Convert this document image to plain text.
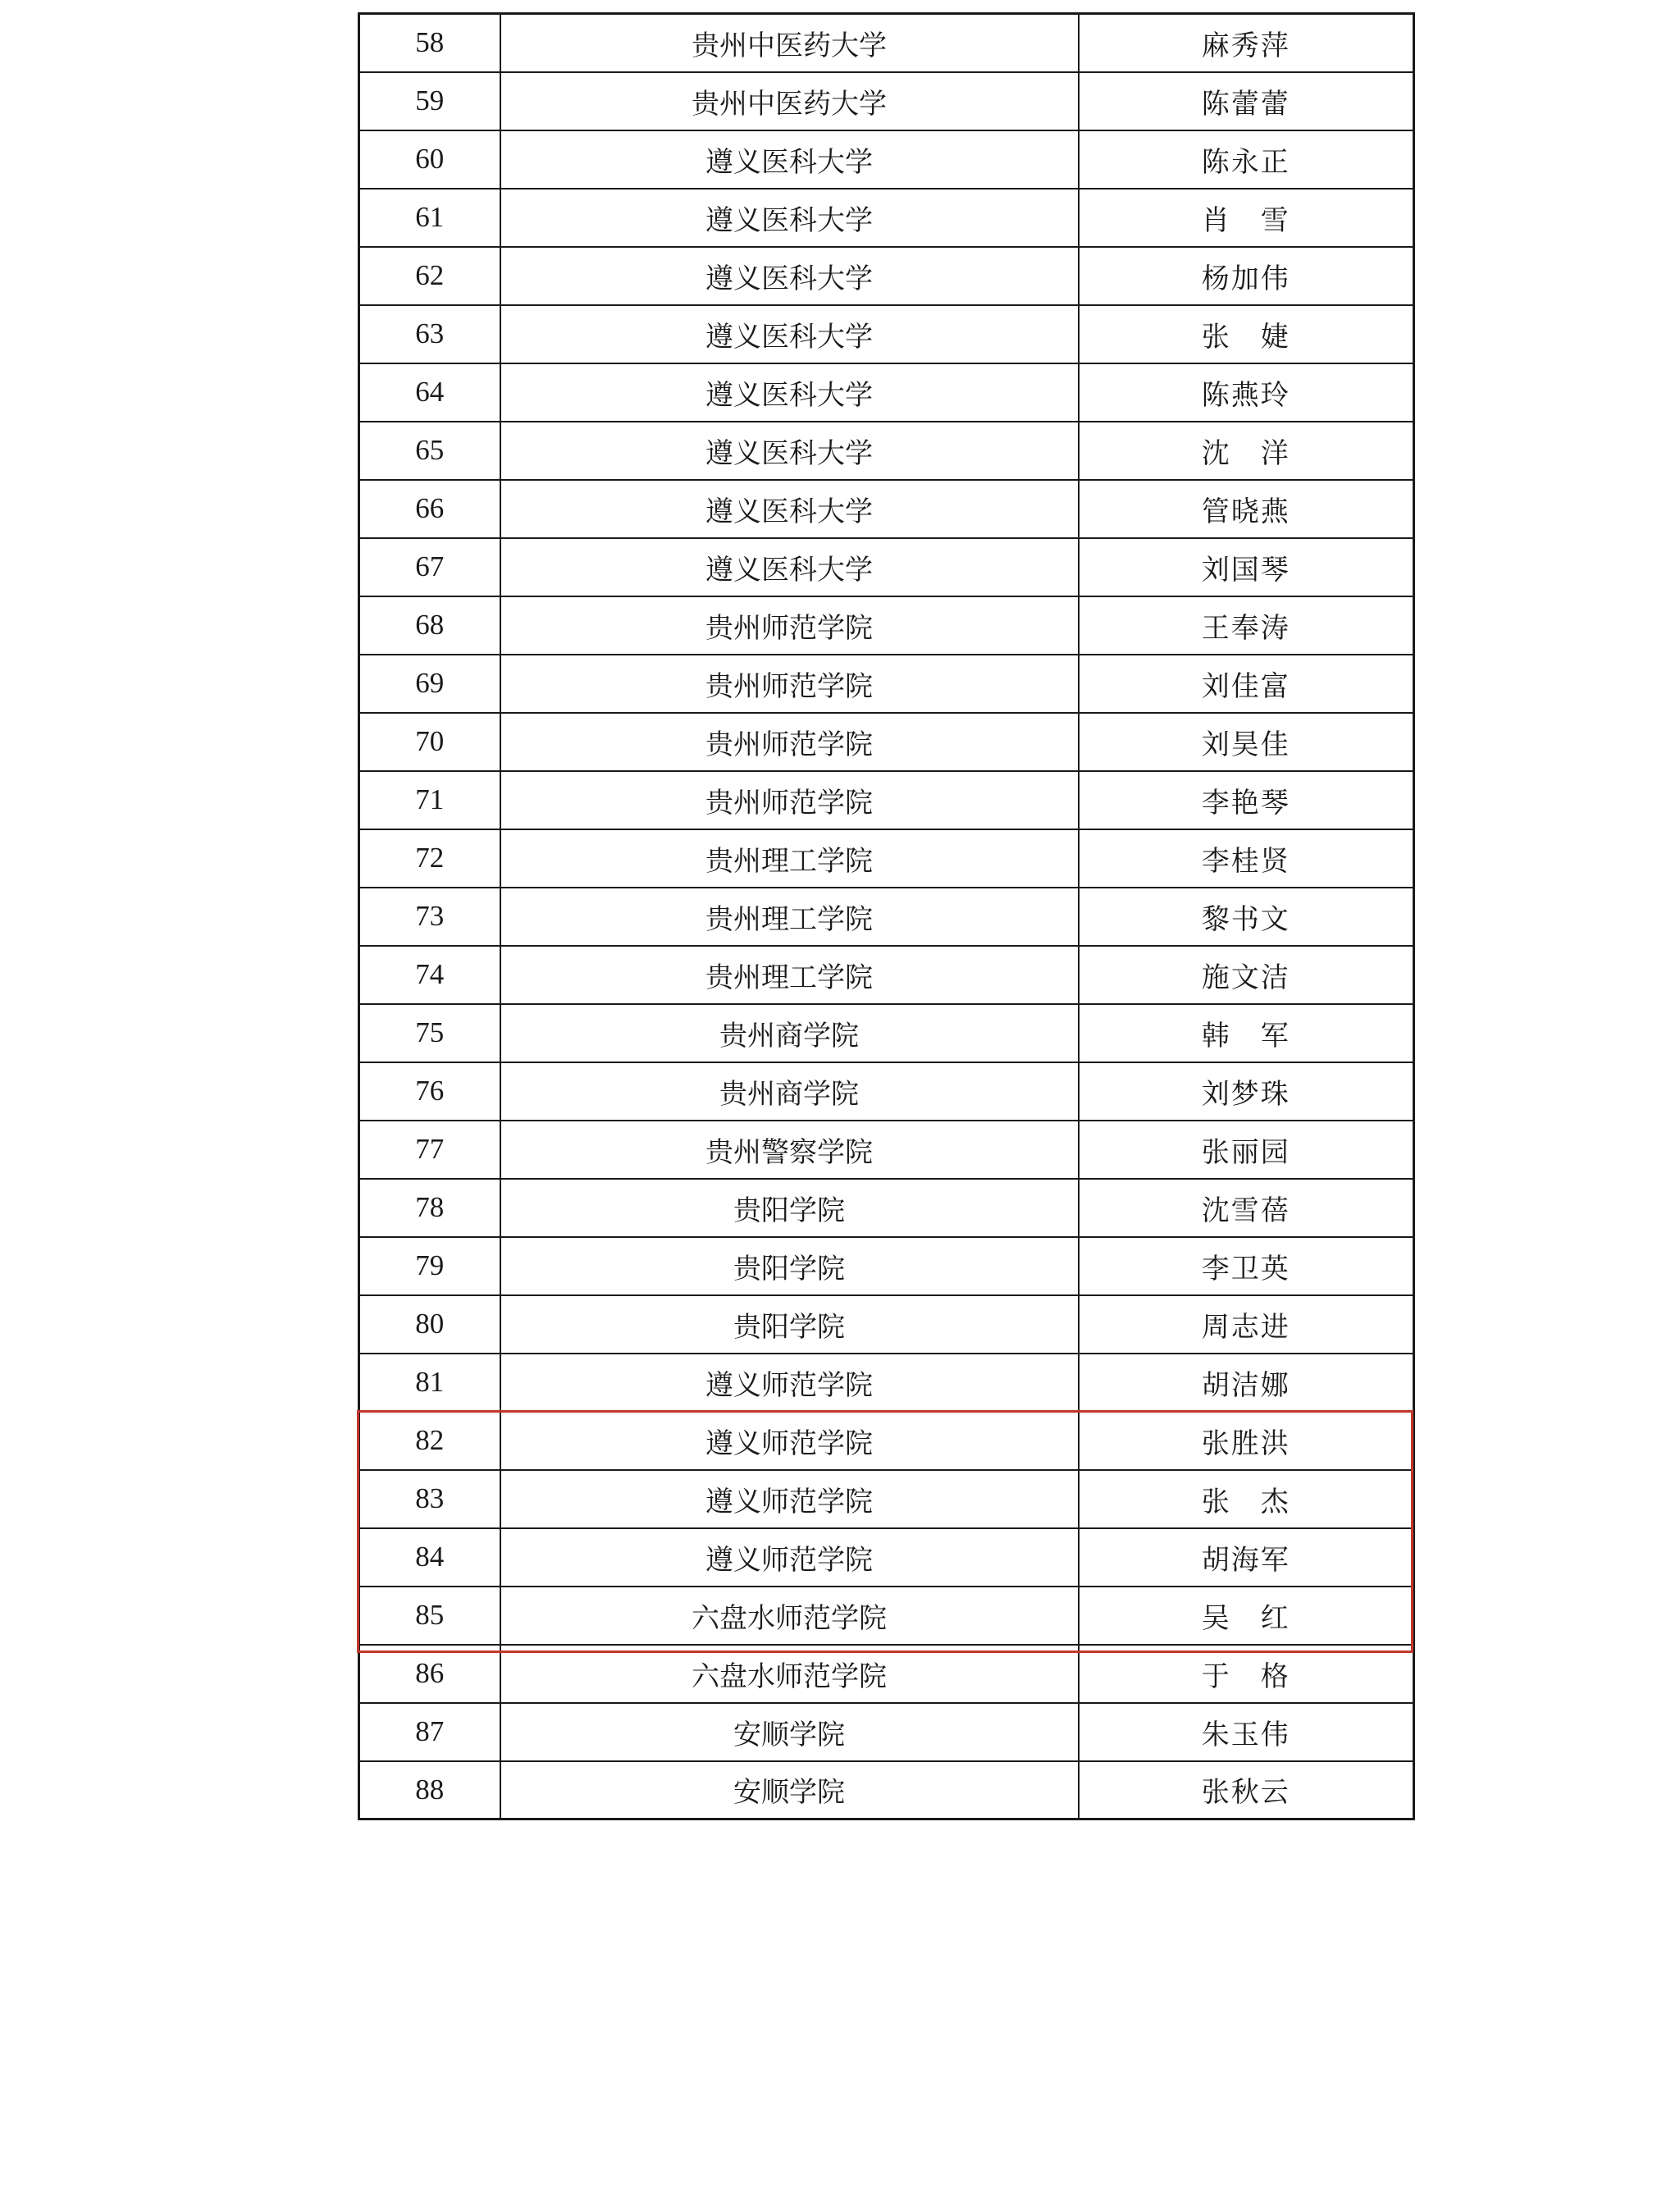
58	贵州中医药大学	麻秀萍
59	贵州中医药大学	陈蕾蕾
60	遵义医科大学	陈永正
61	遵义医科大学	肖　雪
62	遵义医科大学	杨加伟
63	遵义医科大学	张　婕
64	遵义医科大学	陈燕玲
65	遵义医科大学	沈　洋
66	遵义医科大学	管晓燕
67	遵义医科大学	刘国琴
68	贵州师范学院	王奉涛
69	贵州师范学院	刘佳富
70	贵州师范学院	刘昊佳
71	贵州师范学院	李艳琴
72	贵州理工学院	李桂贤
73	贵州理工学院	黎书文
74	贵州理工学院	施文洁
75	贵州商学院	韩　军
76	贵州商学院	刘梦珠
77	贵州警察学院	张丽园
78	贵阳学院	沈雪蓓
79	贵阳学院	李卫英
80	贵阳学院	周志进
81	遵义师范学院	胡洁娜
82	遵义师范学院	张胜洪
83	遵义师范学院	张　杰
84	遵义师范学院	胡海军
85	六盘水师范学院	吴　红
86	六盘水师范学院	于　格
87	安顺学院	朱玉伟
88	安顺学院	张秋云
